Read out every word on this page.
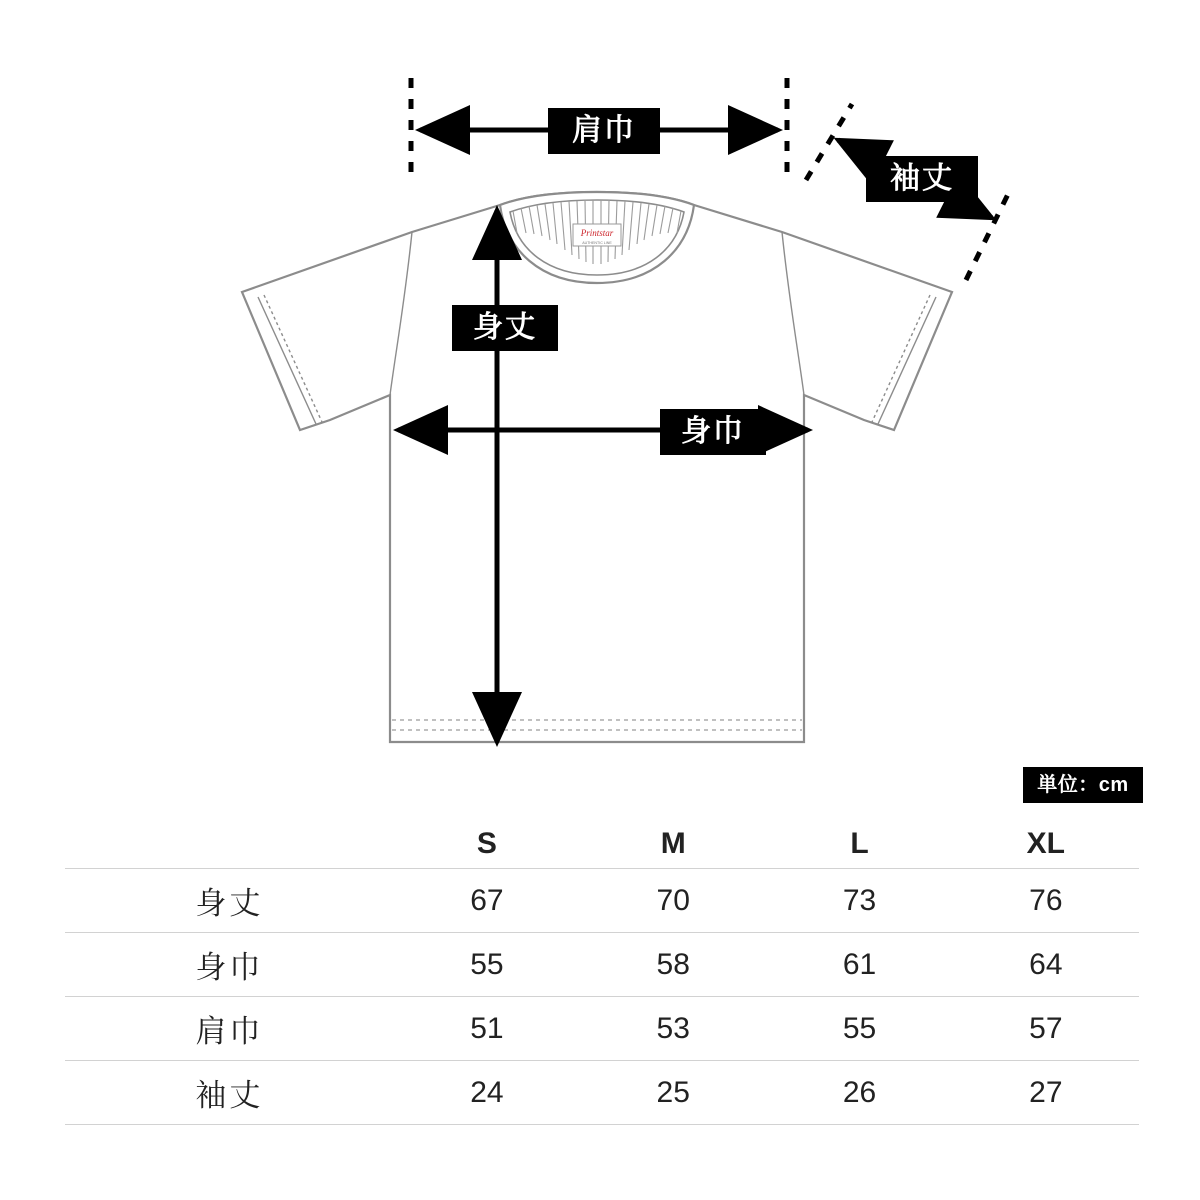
Printstar
AUTHENTIC LINE
肩巾
袖丈
身丈
身巾
単位：cm
	S	M	L	XL
身丈	67	70	73	76
身巾	55	58	61	64
肩巾	51	53	55	57
袖丈	24	25	26	27
